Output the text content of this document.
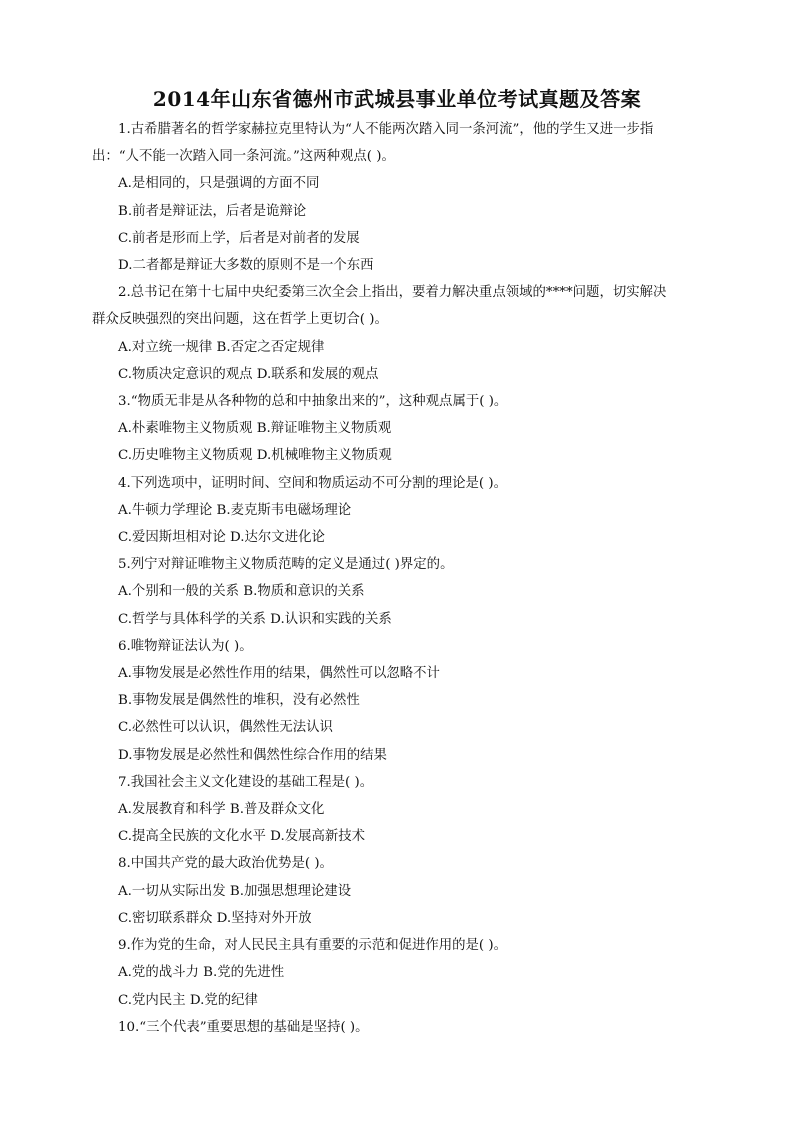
2014年山东省德州市武城县事业单位考试真题及答案
1.古希腊著名的哲学家赫拉克里特认为“人不能两次踏入同一条河流”，他的学生又进一步指
出：“人不能一次踏入同一条河流。”这两种观点( )。
A.是相同的，只是强调的方面不同
B.前者是辩证法，后者是诡辩论
C.前者是形而上学，后者是对前者的发展
D.二者都是辩证大多数的原则不是一个东西
2.总书记在第十七届中央纪委第三次全会上指出，要着力解决重点领域的****问题，切实解决
群众反映强烈的突出问题，这在哲学上更切合( )。
A.对立统一规律 B.否定之否定规律
C.物质决定意识的观点 D.联系和发展的观点
3.“物质无非是从各种物的总和中抽象出来的”，这种观点属于( )。
A.朴素唯物主义物质观 B.辩证唯物主义物质观
C.历史唯物主义物质观 D.机械唯物主义物质观
4.下列选项中，证明时间、空间和物质运动不可分割的理论是( )。
A.牛顿力学理论 B.麦克斯韦电磁场理论
C.爱因斯坦相对论 D.达尔文进化论
5.列宁对辩证唯物主义物质范畴的定义是通过( )界定的。
A.个别和一般的关系 B.物质和意识的关系
C.哲学与具体科学的关系 D.认识和实践的关系
6.唯物辩证法认为( )。
A.事物发展是必然性作用的结果，偶然性可以忽略不计
B.事物发展是偶然性的堆积，没有必然性
C.必然性可以认识，偶然性无法认识
D.事物发展是必然性和偶然性综合作用的结果
7.我国社会主义文化建设的基础工程是( )。
A.发展教育和科学 B.普及群众文化
C.提高全民族的文化水平 D.发展高新技术
8.中国共产党的最大政治优势是( )。
A.一切从实际出发 B.加强思想理论建设
C.密切联系群众 D.坚持对外开放
9.作为党的生命，对人民民主具有重要的示范和促进作用的是( )。
A.党的战斗力 B.党的先进性
C.党内民主 D.党的纪律
10.“三个代表”重要思想的基础是坚持( )。
